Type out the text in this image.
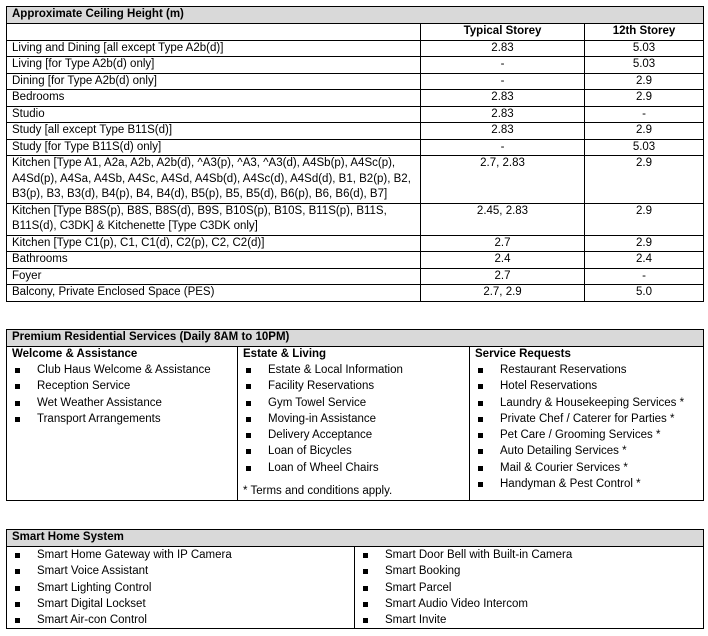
Approximate Ceiling Height (m)		
	Typical Storey	12th Storey
Living and Dining [all except Type A2b(d)]	2.83	5.03
Living [for Type A2b(d) only]	-	5.03
Dining [for Type A2b(d) only]	-	2.9
Bedrooms	2.83	2.9
Studio	2.83	-
Study [all except Type B11S(d)]	2.83	2.9
Study [for Type B11S(d) only]	-	5.03
Kitchen [Type A1, A2a, A2b, A2b(d), ^A3(p), ^A3, ^A3(d), A4Sb(p), A4Sc(p), A4Sd(p), A4Sa, A4Sb, A4Sc, A4Sd, A4Sb(d), A4Sc(d), A4Sd(d), B1, B2(p), B2, B3(p), B3, B3(d), B4(p), B4, B4(d), B5(p), B5, B5(d), B6(p), B6, B6(d), B7]	2.7, 2.83	2.9
Kitchen [Type B8S(p), B8S, B8S(d), B9S, B10S(p), B10S, B11S(p), B11S, B11S(d), C3DK] & Kitchenette [Type C3DK only]	2.45, 2.83	2.9
Kitchen [Type C1(p), C1, C1(d), C2(p), C2, C2(d)]	2.7	2.9
Bathrooms	2.4	2.4
Foyer	2.7	-
Balcony, Private Enclosed Space (PES)	2.7, 2.9	5.0
Premium Residential Services (Daily 8AM to 10PM)

Welcome & Assistance
Club Haus Welcome & Assistance
Reception Service
Wet Weather Assistance
Transport Arrangements

Estate & Living
Estate & Local Information
Facility Reservations
Gym Towel Service
Moving-in Assistance
Delivery Acceptance
Loan of Bicycles
Loan of Wheel Chairs
* Terms and conditions apply.

Service Requests
Restaurant Reservations
Hotel Reservations
Laundry & Housekeeping Services *
Private Chef / Caterer for Parties *
Pet Care / Grooming Services *
Auto Detailing Services *
Mail & Courier Services *
Handyman & Pest Control *
Smart Home System

Smart Home Gateway with IP Camera
Smart Voice Assistant
Smart Lighting Control
Smart Digital Lockset
Smart Air-con Control

Smart Door Bell with Built-in Camera
Smart Booking
Smart Parcel
Smart Audio Video Intercom
Smart Invite
